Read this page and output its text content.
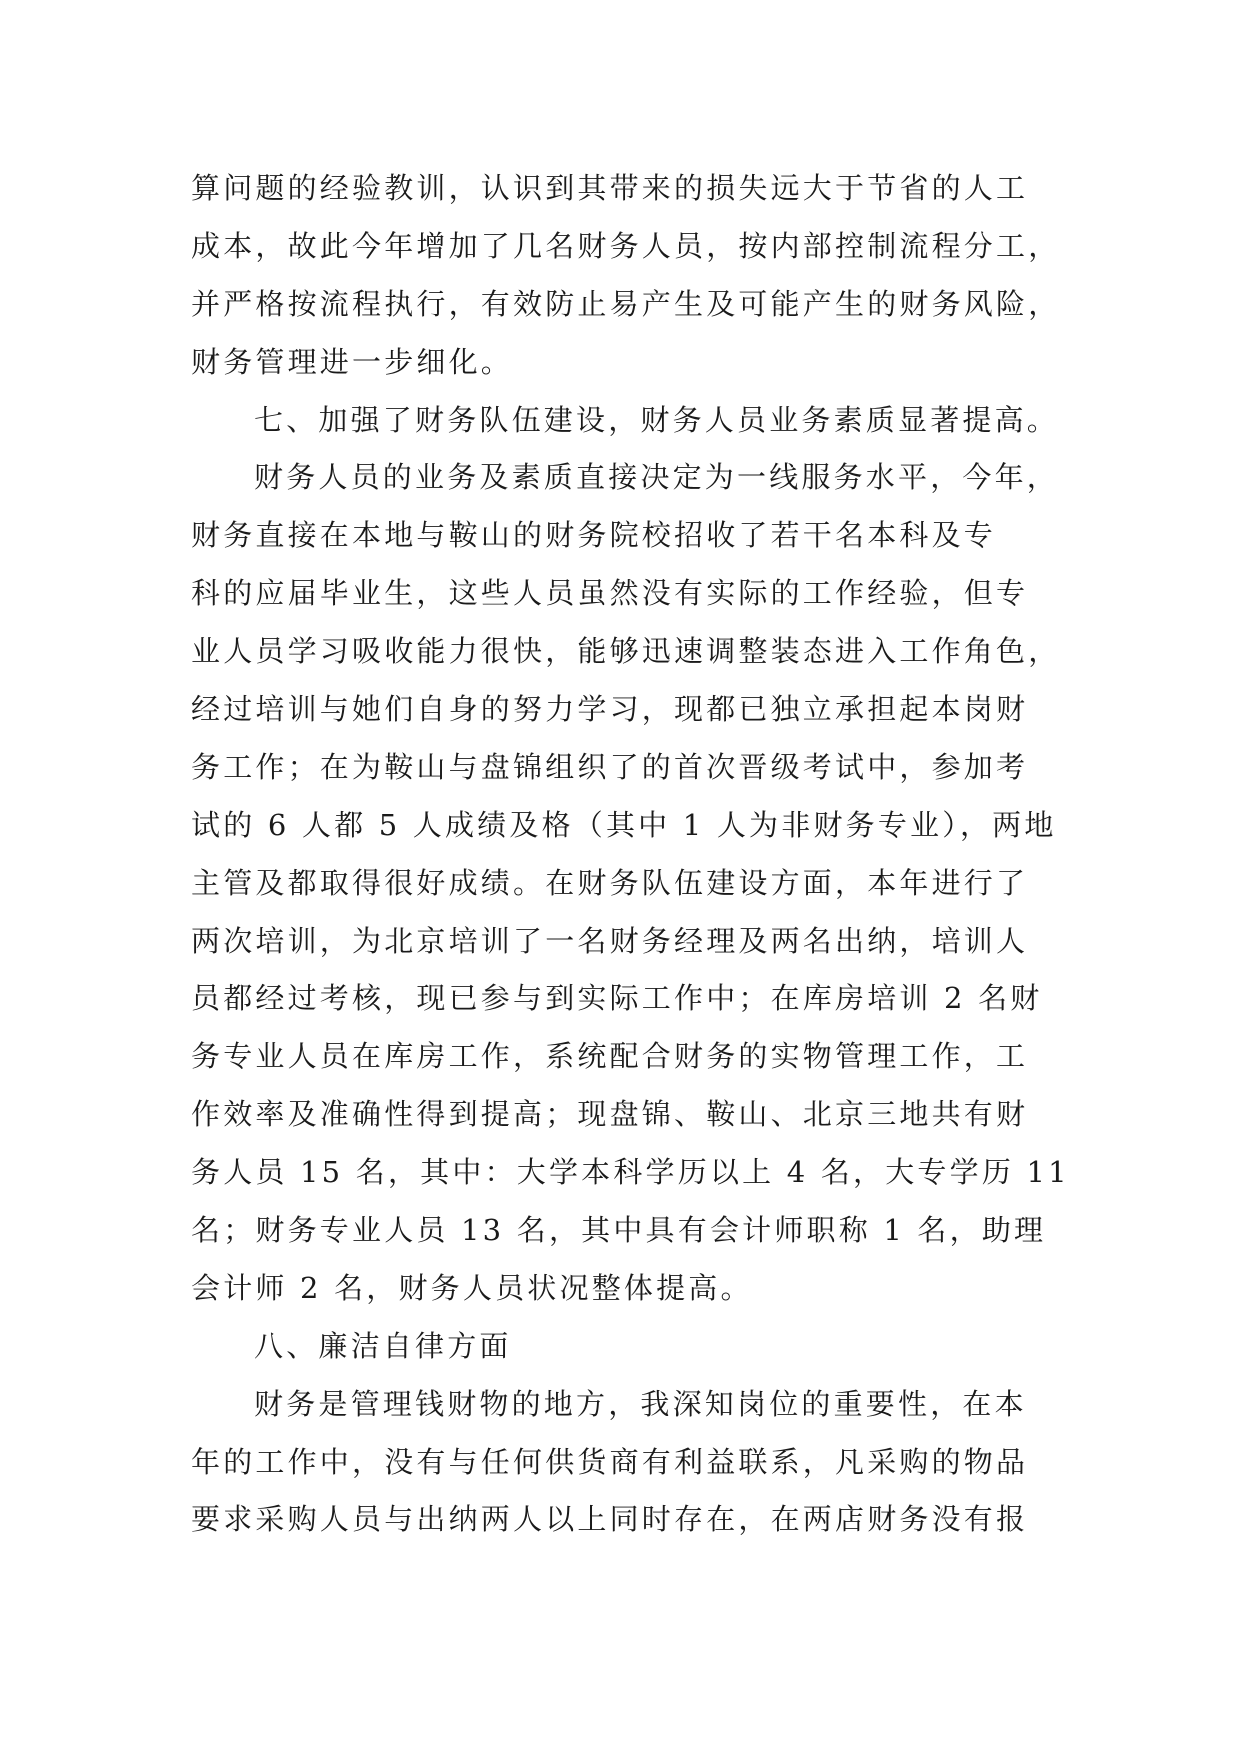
算问题的经验教训，认识到其带来的损失远大于节省的人工
成本，故此今年增加了几名财务人员，按内部控制流程分工，
并严格按流程执行，有效防止易产生及可能产生的财务风险，
财务管理进一步细化。
七、加强了财务队伍建设，财务人员业务素质显著提高。
财务人员的业务及素质直接决定为一线服务水平，今年，
财务直接在本地与鞍山的财务院校招收了若干名本科及专
科的应届毕业生，这些人员虽然没有实际的工作经验，但专
业人员学习吸收能力很快，能够迅速调整装态进入工作角色，
经过培训与她们自身的努力学习，现都已独立承担起本岗财
务工作；在为鞍山与盘锦组织了的首次晋级考试中，参加考
试的 6 人都 5 人成绩及格（其中 1 人为非财务专业），两地
主管及都取得很好成绩。在财务队伍建设方面，本年进行了
两次培训，为北京培训了一名财务经理及两名出纳，培训人
员都经过考核，现已参与到实际工作中；在库房培训 2 名财
务专业人员在库房工作，系统配合财务的实物管理工作，工
作效率及准确性得到提高；现盘锦、鞍山、北京三地共有财
务人员 15 名，其中：大学本科学历以上 4 名，大专学历 11
名；财务专业人员 13 名，其中具有会计师职称 1 名，助理
会计师 2 名，财务人员状况整体提高。
八、廉洁自律方面
财务是管理钱财物的地方，我深知岗位的重要性，在本
年的工作中，没有与任何供货商有利益联系，凡采购的物品
要求采购人员与出纳两人以上同时存在，在两店财务没有报
